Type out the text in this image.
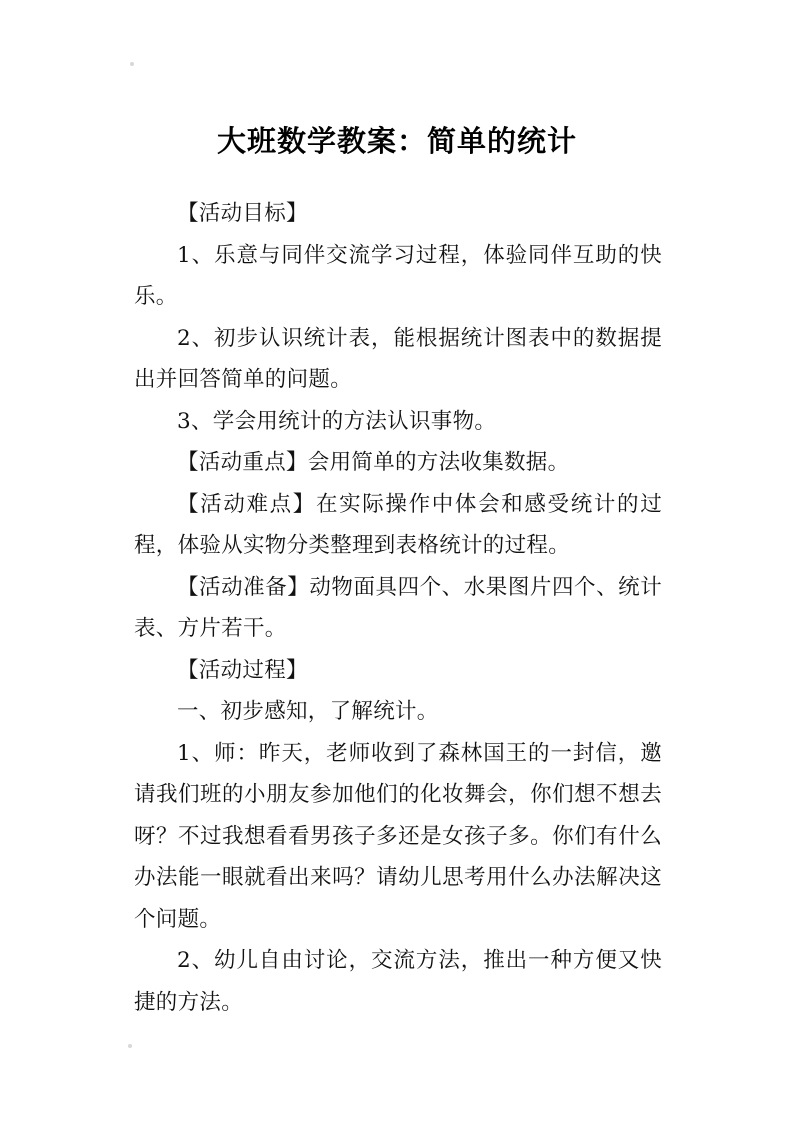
大班数学教案：简单的统计

【活动目标】

1、乐意与同伴交流学习过程，体验同伴互助的快乐。

2、初步认识统计表，能根据统计图表中的数据提出并回答简单的问题。

3、学会用统计的方法认识事物。

【活动重点】会用简单的方法收集数据。

【活动难点】在实际操作中体会和感受统计的过程，体验从实物分类整理到表格统计的过程。

【活动准备】动物面具四个、水果图片四个、统计表、方片若干。

【活动过程】

一、初步感知，了解统计。

1、师：昨天，老师收到了森林国王的一封信，邀请我们班的小朋友参加他们的化妆舞会，你们想不想去呀？不过我想看看男孩子多还是女孩子多。你们有什么办法能一眼就看出来吗？请幼儿思考用什么办法解决这个问题。

2、幼儿自由讨论，交流方法，推出一种方便又快捷的方法。
